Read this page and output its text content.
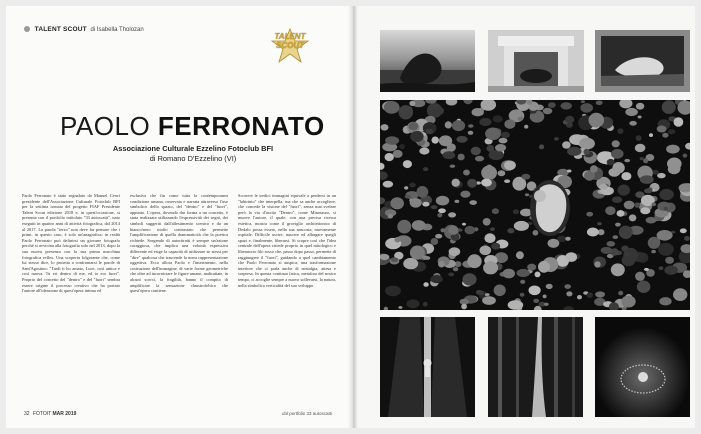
TALENT SCOUT di Isabella Tholozan
TALENT
SCOUT
PAOLO FERRONATO
Associazione Culturale Ezzelino Fotoclub BFI
di Romano D'Ezzelino (VI)
Paolo Ferronato è stato segnalato da Manuel Cenci presidente dell'Associazione Culturale Fotoclub BFI per la settima tornata del progetto FIAF Presidente Talent Scout edizione 2018 e, in quest'occasione, si presenta con il portfolio intitolato "33 autoscatti", nato eseguiti in quattro anni di attività fotografica, dal 2014 al 2017. La parola "terzo" non deve far pensare che i primi, in questo caso, è solo un'anagrafica; in realtà Paolo Ferronato può definirsi un giovane fotografo perché si avvicina alla fotografia solo nel 2013, dopo la sua nuova presenza con la sua prima macchina fotografica reflex. Una scoperta folgorante che, come lui stesso dice, lo proietta a confrontarsi le parole di Sant'Agostino: "Tardi ti ho amato, Luce, così antica e così nuova. Tu eri dentro di me, ed io ero fuori". Proprio del concetto del "dentro" e del "fuori" sembra essere origine il processo creativo che ha portato l'autore all'ideazione di quest'opera intima ed
esclusiva che fin come tutta la contemporanea condizione umana, osservata e narrata attraverso l'uso simbolico dello spazio, del "dentro" e del "fuori", appunto. L'opera, dovendo dar forma a un concetto, è stata realizzata utilizzando l'espressività dei segni, dei simboli suggeriti dall'allestimento scenico e da un bianco/nero molto contrastato che permette l'amplificazione di quella drammaticità che la poetica richiede. Sorgendo di autoritratti è sempre un'azione coraggiosa, che implica una volontà espressiva differente ed esige la capacità di utilizzare se stessi per "dire" qualcosa che trascende la mera rappresentazione oggettiva. Ecco allora Paolo e l'inserimento, nella costruzione dell'immagine, di varie forme geometriche che oltre ad incorniciare le figure umane, maltrattate, in alcuni scorci, la fragilità, hanno il compito di amplificare la sensazione claustrofobica che quest'opera contiene.
Scorrere le tredici immagini equivale a perdersi in un "labirinto" che interpella, ma che sa anche accogliere, che concede la visione del "fuori", senza mai svelare però la via d'uscita "Dentro", come Minotauro, si muove l'autore, il quale, con una precisa ricerca estetica, mostra come il groviglio architettonico di Dedalo possa essere, nella sua nascosta, nuovamente ospitale. Difficile uscire, nascere ed allargare quegli spazi e, finalmente, liberarsi. Si scopre così che l'idea centrale dell'opera risiede proprio in quel mitologico e liberatorio filo rosso che, passo dopo passo, permette di raggiungere il "fuori", guidando a quel cambiamento che Paolo Ferronato si auspica, una trasformazione interiore che ci parla anche di nostalgia, attesa e sorpresa. In questa continua fatica, metafora del nostro tempo, ci accoglie sempre a nuovo sollevarsi, la natura, nella simbolica verticalità del suo sviluppo.
32 FOTOIT MAR 2019	dal portfolio 33 autoscatti
